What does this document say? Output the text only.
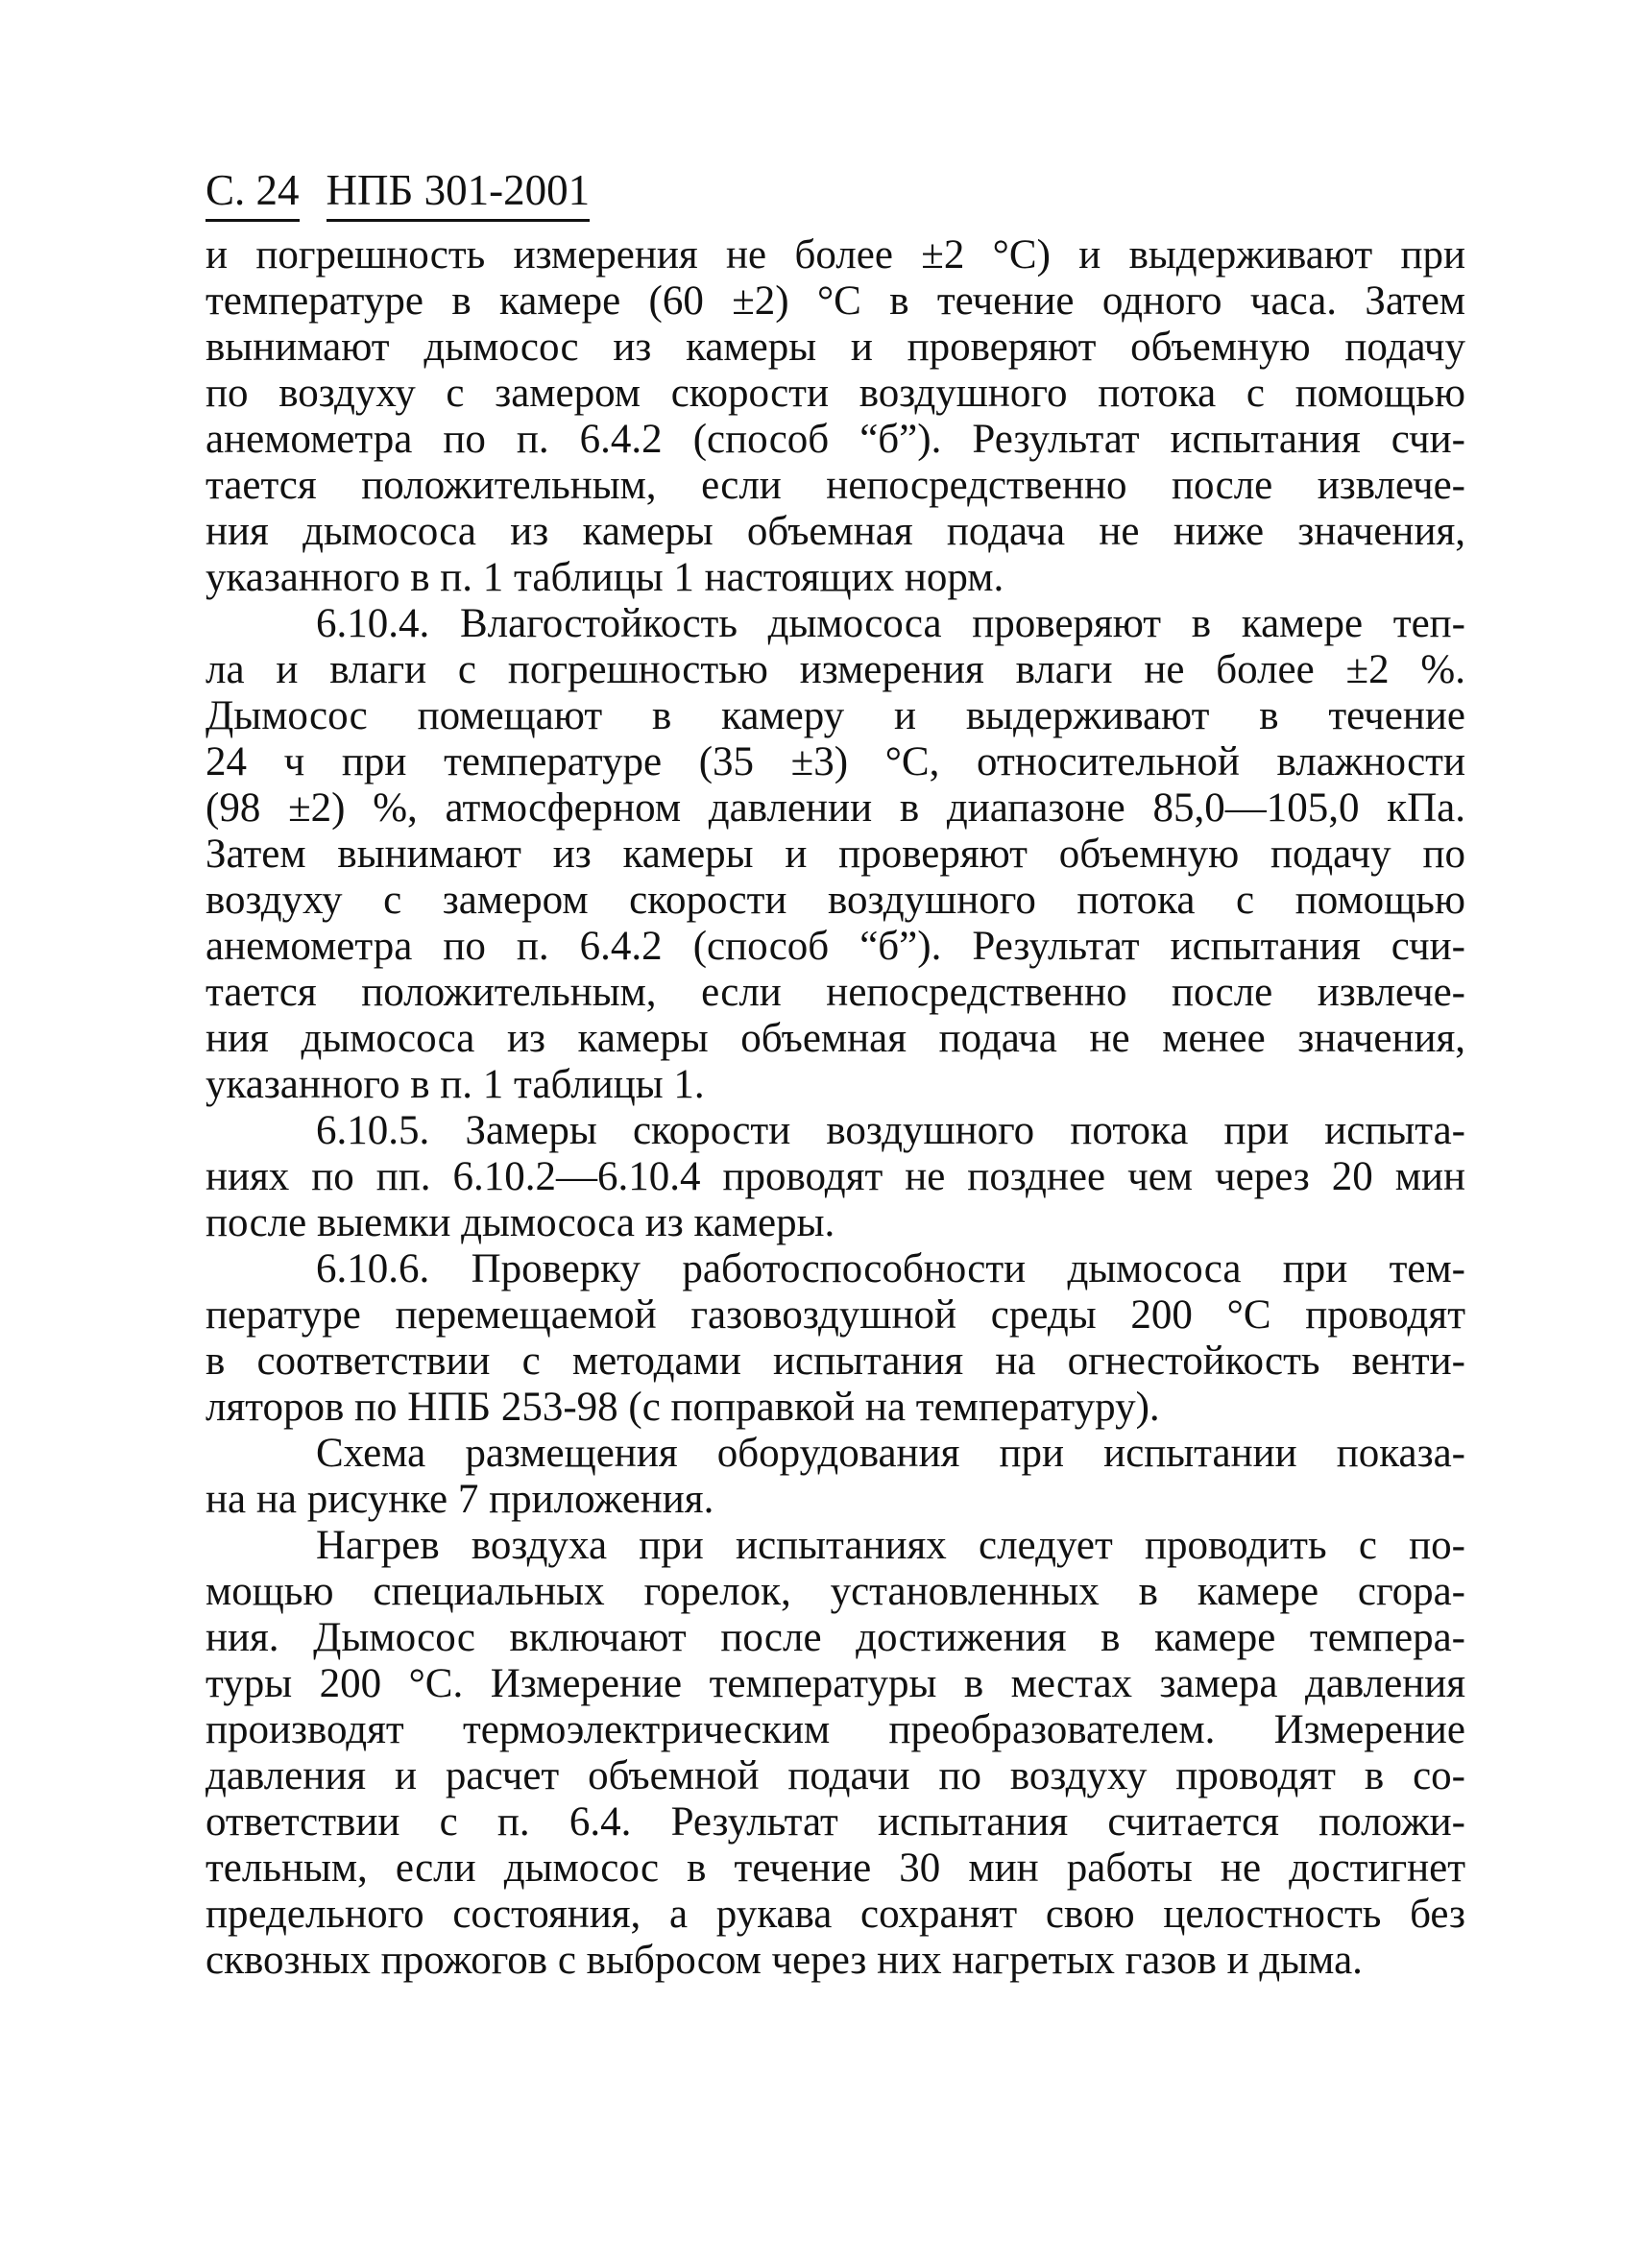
С. 24 НПБ 301-2001
и погрешность измерения не более ±2 °С) и выдерживают при
температуре в камере (60 ±2) °С в течение одного часа. Затем
вынимают дымосос из камеры и проверяют объемную подачу
по воздуху с замером скорости воздушного потока с помощью
анемометра по п. 6.4.2 (способ “б”). Результат испытания счи-
тается положительным, если непосредственно после извлече-
ния дымососа из камеры объемная подача не ниже значения,
указанного в п. 1 таблицы 1 настоящих норм.
6.10.4. Влагостойкость дымососа проверяют в камере теп-
ла и влаги с погрешностью измерения влаги не более ±2 %.
Дымосос помещают в камеру и выдерживают в течение
24 ч при температуре (35 ±3) °С, относительной влажности
(98 ±2) %, атмосферном давлении в диапазоне 85,0—105,0 кПа.
Затем вынимают из камеры и проверяют объемную подачу по
воздуху с замером скорости воздушного потока с помощью
анемометра по п. 6.4.2 (способ “б”). Результат испытания счи-
тается положительным, если непосредственно после извлече-
ния дымососа из камеры объемная подача не менее значения,
указанного в п. 1 таблицы 1.
6.10.5. Замеры скорости воздушного потока при испыта-
ниях по пп. 6.10.2—6.10.4 проводят не позднее чем через 20 мин
после выемки дымососа из камеры.
6.10.6. Проверку работоспособности дымососа при тем-
пературе перемещаемой газовоздушной среды 200 °С проводят
в соответствии с методами испытания на огнестойкость венти-
ляторов по НПБ 253-98 (с поправкой на температуру).
Схема размещения оборудования при испытании показа-
на на рисунке 7 приложения.
Нагрев воздуха при испытаниях следует проводить с по-
мощью специальных горелок, установленных в камере сгора-
ния. Дымосос включают после достижения в камере темпера-
туры 200 °С. Измерение температуры в местах замера давления
производят термоэлектрическим преобразователем. Измерение
давления и расчет объемной подачи по воздуху проводят в со-
ответствии с п. 6.4. Результат испытания считается положи-
тельным, если дымосос в течение 30 мин работы не достигнет
предельного состояния, а рукава сохранят свою целостность без
сквозных прожогов с выбросом через них нагретых газов и дыма.
